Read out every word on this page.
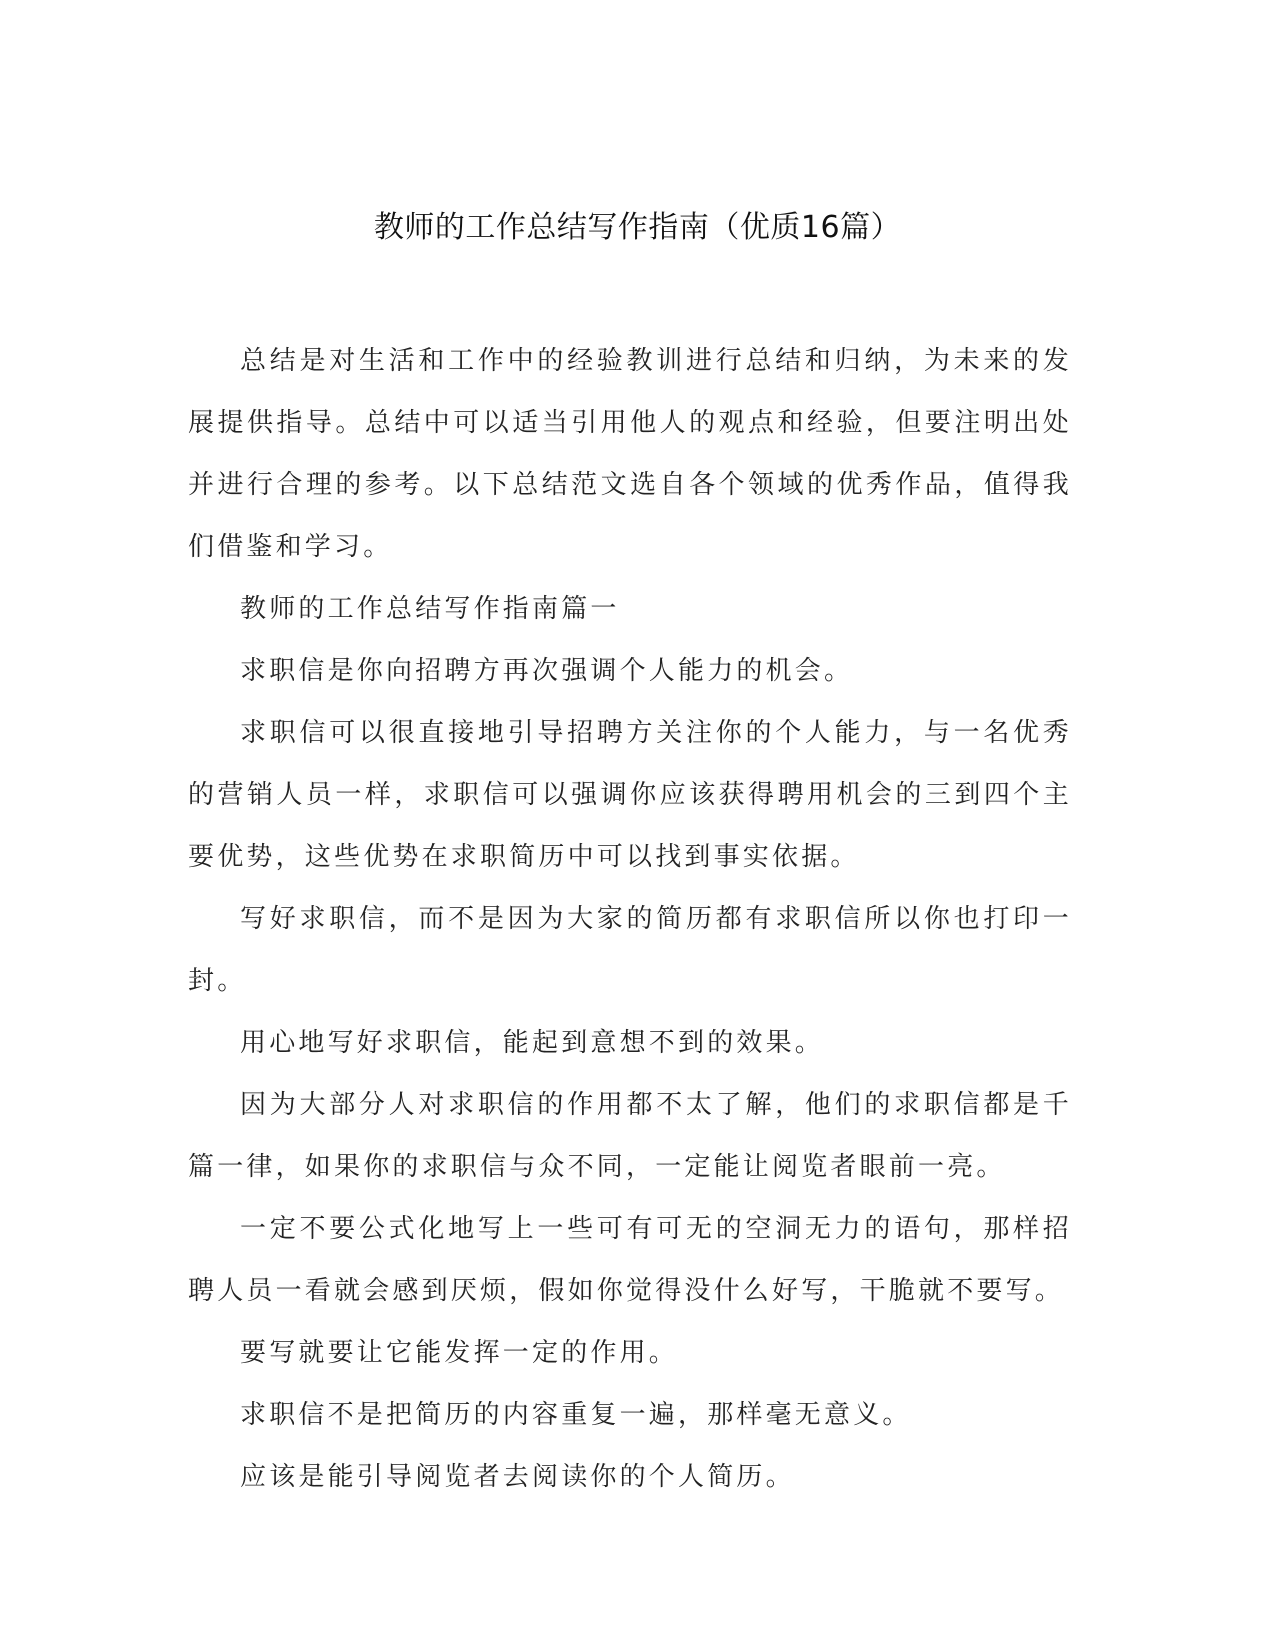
教师的工作总结写作指南（优质16篇）

总结是对生活和工作中的经验教训进行总结和归纳，为未来的发展提供指导。总结中可以适当引用他人的观点和经验，但要注明出处并进行合理的参考。以下总结范文选自各个领域的优秀作品，值得我们借鉴和学习。

教师的工作总结写作指南篇一

求职信是你向招聘方再次强调个人能力的机会。

求职信可以很直接地引导招聘方关注你的个人能力，与一名优秀的营销人员一样，求职信可以强调你应该获得聘用机会的三到四个主要优势，这些优势在求职简历中可以找到事实依据。

写好求职信，而不是因为大家的简历都有求职信所以你也打印一封。

用心地写好求职信，能起到意想不到的效果。

因为大部分人对求职信的作用都不太了解，他们的求职信都是千篇一律，如果你的求职信与众不同，一定能让阅览者眼前一亮。

一定不要公式化地写上一些可有可无的空洞无力的语句，那样招聘人员一看就会感到厌烦，假如你觉得没什么好写，干脆就不要写。

要写就要让它能发挥一定的作用。

求职信不是把简历的内容重复一遍，那样毫无意义。

应该是能引导阅览者去阅读你的个人简历。
